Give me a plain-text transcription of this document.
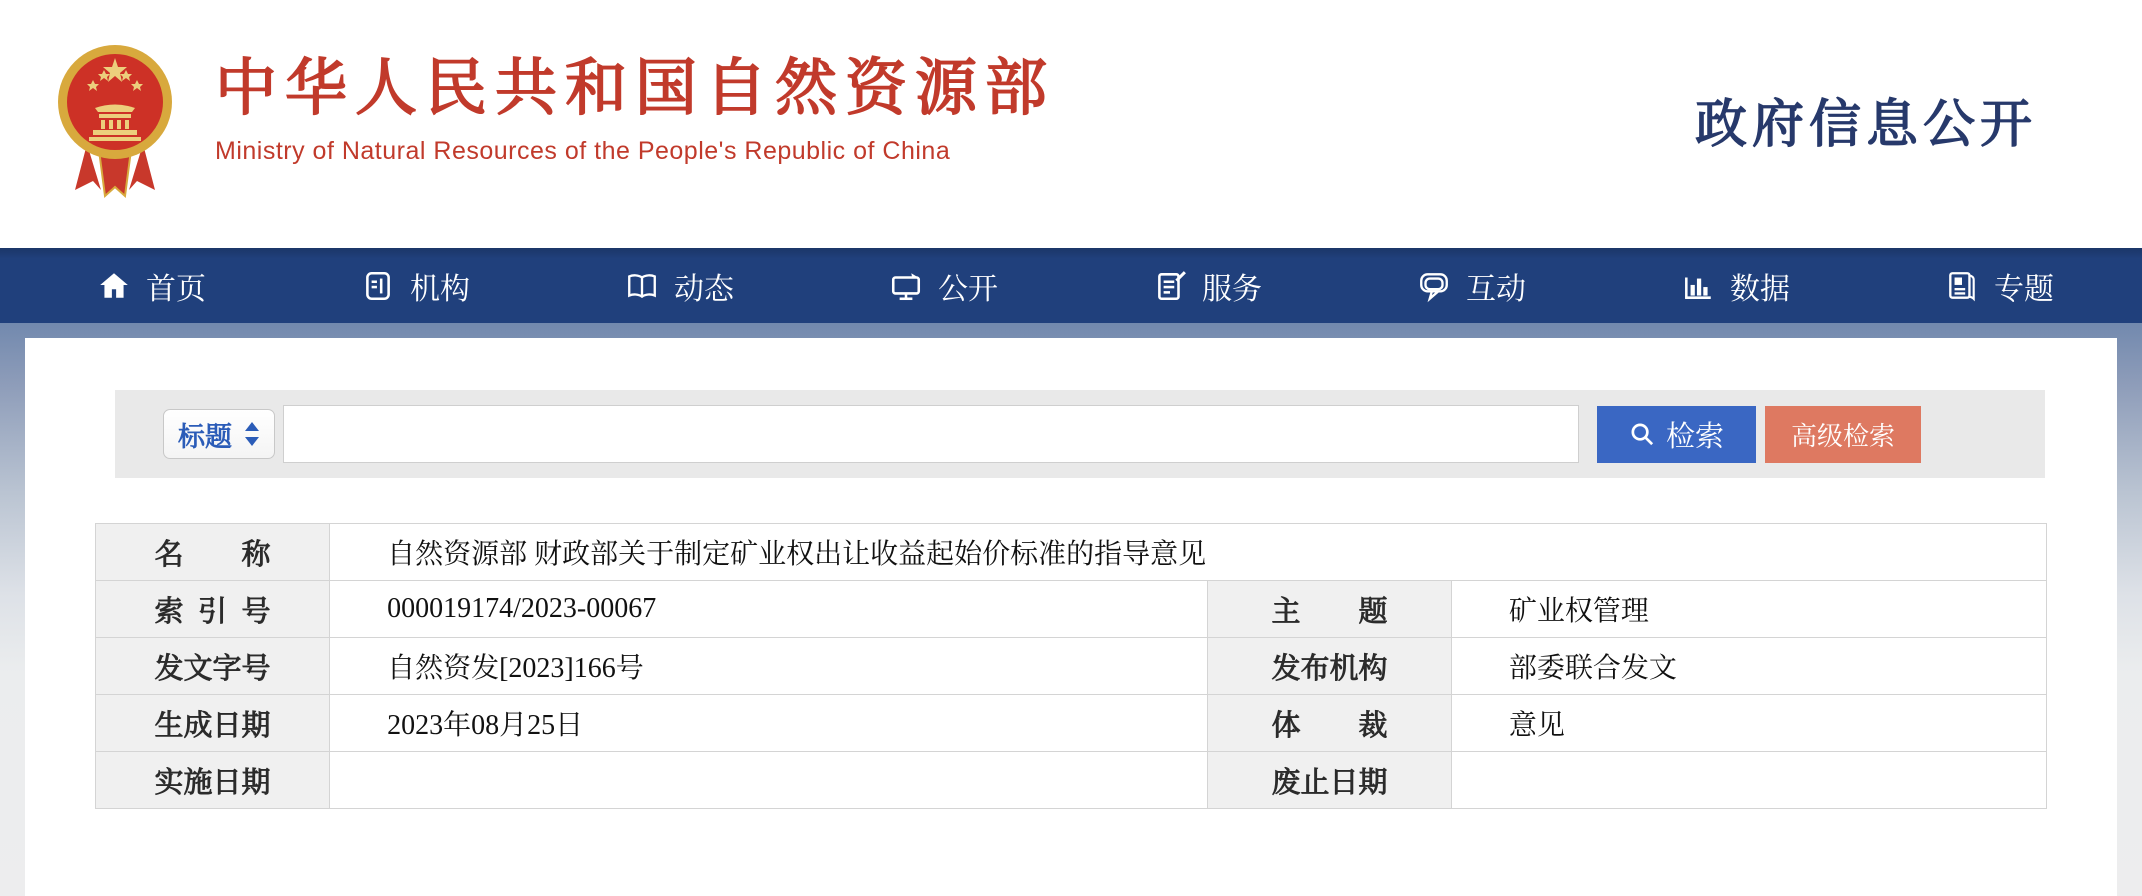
中华人民共和国自然资源部
Ministry of Natural Resources of the People's Republic of China	政府信息公开
首页	机构	动态	公开	服务	互动	数据	专题
标题	检索	高级检索
名称	自然资源部 财政部关于制定矿业权出让收益起始价标准的指导意见		
索引号	000019174/2023-00067	主题	矿业权管理
发文字号	自然资发[2023]166号	发布机构	部委联合发文
生成日期	2023年08月25日	体裁	意见
实施日期		废止日期	
